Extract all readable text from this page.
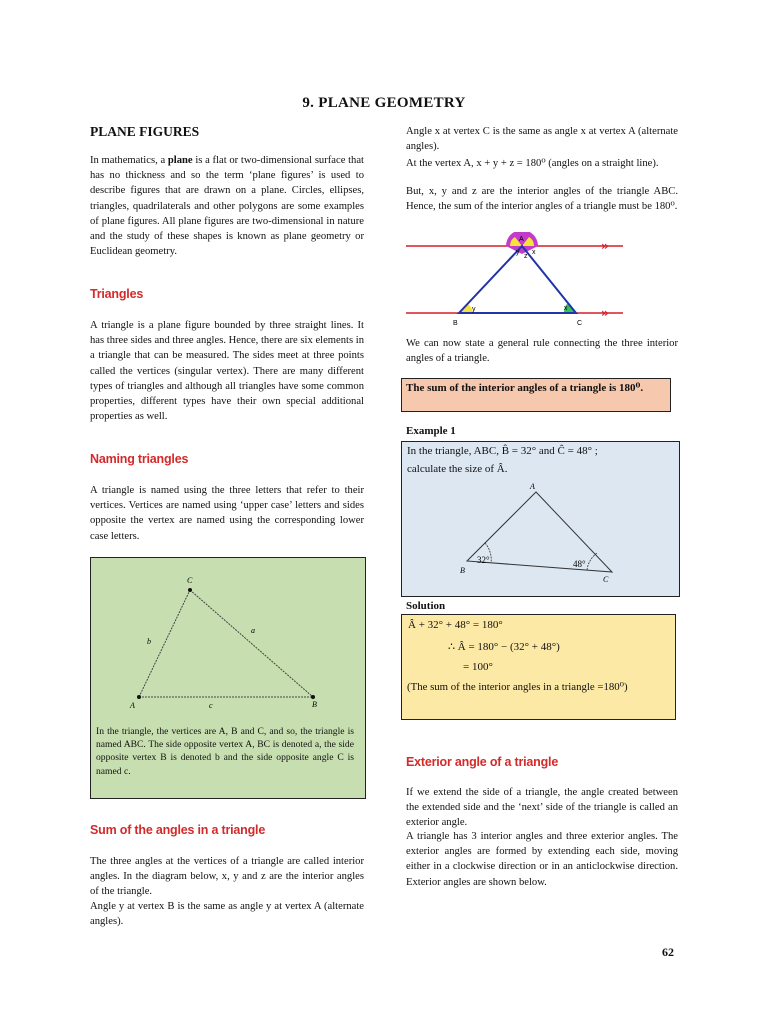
9. PLANE GEOMETRY
PLANE FIGURES

In mathematics, a plane is a flat or two-dimensional surface that has no thickness and so the term ‘plane figures’ is used to describe figures that are drawn on a plane. Circles, ellipses, triangles, quadrilaterals and other polygons are some examples of plane figures. All plane figures are two-dimensional in nature and the study of these shapes is known as plane geometry or Euclidean geometry.

Triangles
A triangle is a plane figure bounded by three straight lines. It has three sides and three angles. Hence, there are six elements in a triangle that can be measured. The sides meet at three points called the vertices (singular vertex). There are many different types of triangles and although all triangles have some common properties, different types have their own special additional properties as well.
Naming triangles
A triangle is named using the three letters that refer to their vertices. Vertices are named using ‘upper case’ letters and sides opposite the vertex are named using the corresponding lower case letters.
A	B
C
a
b
c
In the triangle, the vertices are A, B and C, and so, the triangle is named ABC. The side opposite vertex A, BC is denoted a, the side opposite vertex B is denoted b and the side opposite angle C is named c.
Sum of the angles in a triangle
The three angles at the vertices of a triangle are called interior angles. In the diagram below, x, y and z are the interior angles of the triangle.
Angle y at vertex B is the same as angle y at vertex A (alternate angles).
Angle x at vertex C is the same as angle x at vertex A (alternate angles).
At the vertex A, x + y + z = 180⁰ (angles on a straight line).
But, x, y and z are the interior angles of the triangle ABC. Hence, the sum of the interior angles of a triangle must be 180⁰.
»
»
A
B	C
y x
z
y	x
We can now state a general rule connecting the three interior angles of a triangle.
The sum of the interior angles of a triangle is 180⁰.
Example 1
In the triangle, ABC, B̂ = 32° and Ĉ = 48° ;
calculate the size of Â.
A
B
C
32°	48°
Solution
Â + 32° + 48° = 180°
∴ Â = 180° − (32° + 48°)
= 100°
(The sum of the interior angles in a triangle =180⁰)
Exterior angle of a triangle
If we extend the side of a triangle, the angle created between the extended side and the ‘next’ side of the triangle is called an exterior angle.
A triangle has 3 interior angles and three exterior angles. The exterior angles are formed by extending each side, moving either in a clockwise direction or in an anticlockwise direction. Exterior angles are shown below.
62
